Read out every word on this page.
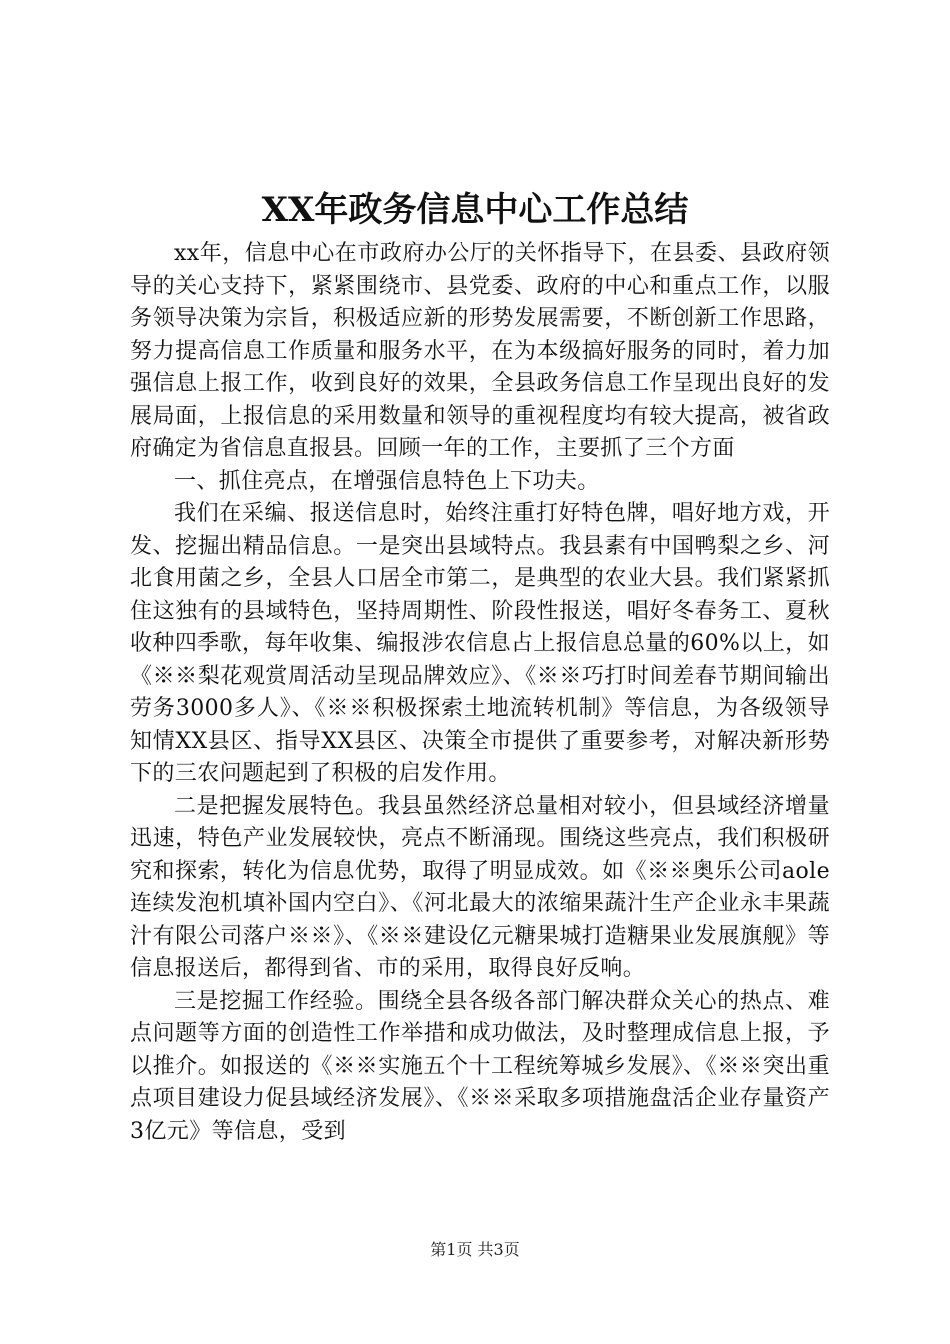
XX年政务信息中心工作总结

xx年，信息中心在市政府办公厅的关怀指导下，在县委、县政府领导的关心支持下，紧紧围绕市、县党委、政府的中心和重点工作，以服务领导决策为宗旨，积极适应新的形势发展需要，不断创新工作思路，努力提高信息工作质量和服务水平，在为本级搞好服务的同时，着力加强信息上报工作，收到良好的效果，全县政务信息工作呈现出良好的发展局面，上报信息的采用数量和领导的重视程度均有较大提高，被省政府确定为省信息直报县。回顾一年的工作，主要抓了三个方面

一、抓住亮点，在增强信息特色上下功夫。

我们在采编、报送信息时，始终注重打好特色牌，唱好地方戏，开发、挖掘出精品信息。一是突出县域特点。我县素有中国鸭梨之乡、河北食用菌之乡，全县人口居全市第二，是典型的农业大县。我们紧紧抓住这独有的县域特色，坚持周期性、阶段性报送，唱好冬春务工、夏秋收种四季歌，每年收集、编报涉农信息占上报信息总量的60%以上，如《※※梨花观赏周活动呈现品牌效应》、《※※巧打时间差春节期间输出劳务3000多人》、《※※积极探索土地流转机制》等信息，为各级领导知情XX县区、指导XX县区、决策全市提供了重要参考，对解决新形势下的三农问题起到了积极的启发作用。

二是把握发展特色。我县虽然经济总量相对较小，但县域经济增量迅速，特色产业发展较快，亮点不断涌现。围绕这些亮点，我们积极研究和探索，转化为信息优势，取得了明显成效。如《※※奥乐公司aole连续发泡机填补国内空白》、《河北最大的浓缩果蔬汁生产企业永丰果蔬汁有限公司落户※※》、《※※建设亿元糖果城打造糖果业发展旗舰》等信息报送后，都得到省、市的采用，取得良好反响。

三是挖掘工作经验。围绕全县各级各部门解决群众关心的热点、难点问题等方面的创造性工作举措和成功做法，及时整理成信息上报，予以推介。如报送的《※※实施五个十工程统筹城乡发展》、《※※突出重点项目建设力促县域经济发展》、《※※采取多项措施盘活企业存量资产3亿元》等信息，受到

第1页 共3页
